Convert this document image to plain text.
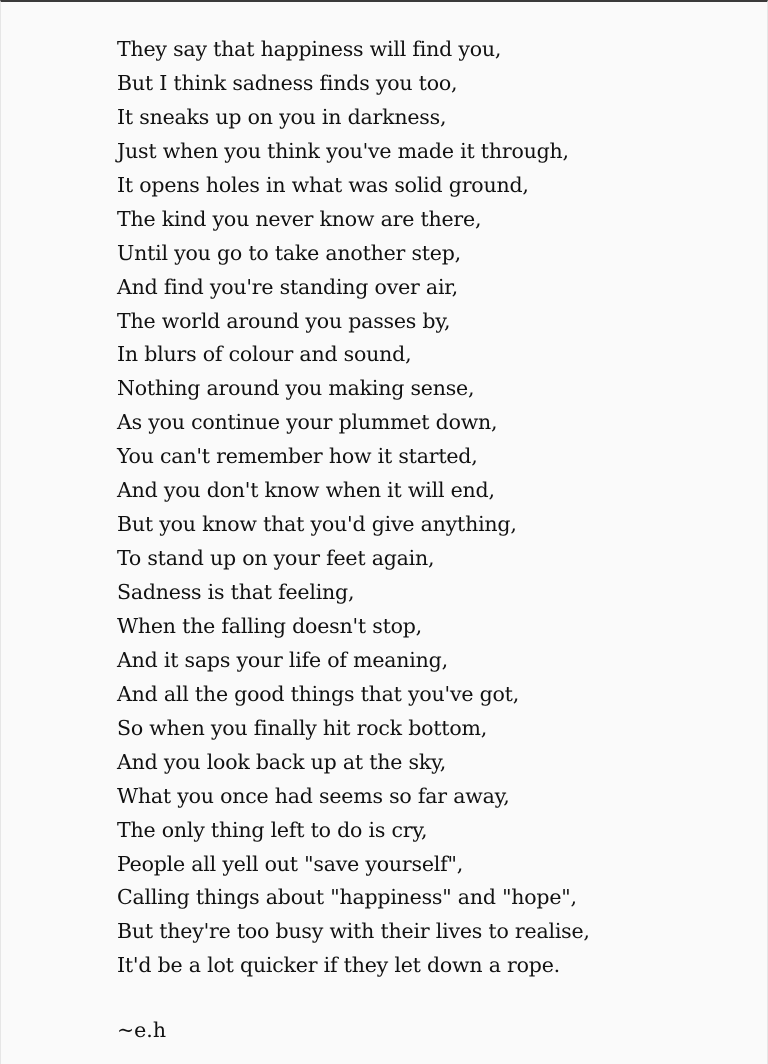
They say that happiness will find you,
But I think sadness finds you too,
It sneaks up on you in darkness,
Just when you think you've made it through,
It opens holes in what was solid ground,
The kind you never know are there,
Until you go to take another step,
And find you're standing over air,
The world around you passes by,
In blurs of colour and sound,
Nothing around you making sense,
As you continue your plummet down,
You can't remember how it started,
And you don't know when it will end,
But you know that you'd give anything,
To stand up on your feet again,
Sadness is that feeling,
When the falling doesn't stop,
And it saps your life of meaning,
And all the good things that you've got,
So when you finally hit rock bottom,
And you look back up at the sky,
What you once had seems so far away,
The only thing left to do is cry,
People all yell out "save yourself",
Calling things about "happiness" and "hope",
But they're too busy with their lives to realise,
It'd be a lot quicker if they let down a rope.
~e.h
